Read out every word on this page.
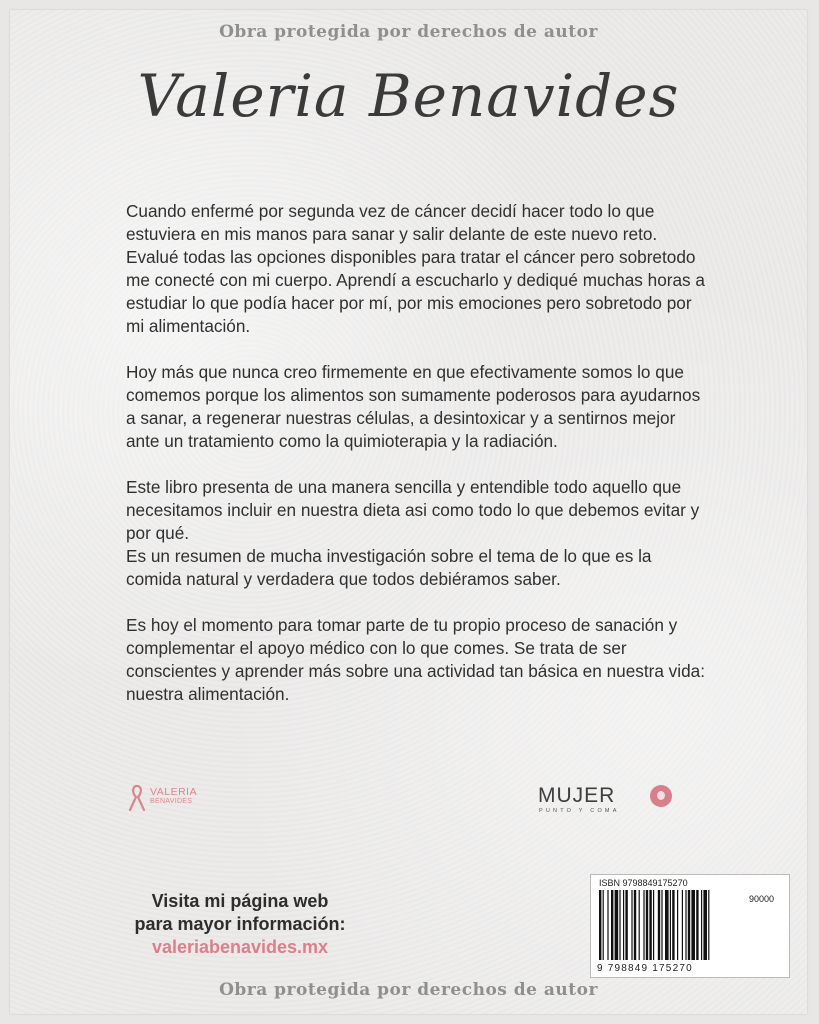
Obra protegida por derechos de autor
Valeria Benavides

Cuando enfermé por segunda vez de cáncer decidí hacer todo lo que estuviera en mis manos para sanar y salir delante de este nuevo reto. Evalué todas las opciones disponibles para tratar el cáncer pero sobretodo me conecté con mi cuerpo. Aprendí a escucharlo y dediqué muchas horas a estudiar lo que podía hacer por mí, por mis emociones pero sobretodo por mi alimentación.

Hoy más que nunca creo firmemente en que efectivamente somos lo que comemos porque los alimentos son sumamente poderosos para ayudarnos a sanar, a regenerar nuestras células, a desintoxicar y a sentirnos mejor ante un tratamiento como la quimioterapia y la radiación.

Este libro presenta de una manera sencilla y entendible todo aquello que necesitamos incluir en nuestra dieta asi como todo lo que debemos evitar y por qué.

Es un resumen de mucha investigación sobre el tema de lo que es la comida natural y verdadera que todos debiéramos saber.

Es hoy el momento para tomar parte de tu propio proceso de sanación y complementar el apoyo médico con lo que comes. Se trata de ser conscientes y aprender más sobre una actividad tan básica en nuestra vida: nuestra alimentación.

VALERIA
BENAVIDES	MUJER
PUNTO Y COMA
Visita mi página web
para mayor información:
valeriabenavides.mx
ISBN 9798849175270
90000
9 798849 175270
Obra protegida por derechos de autor
